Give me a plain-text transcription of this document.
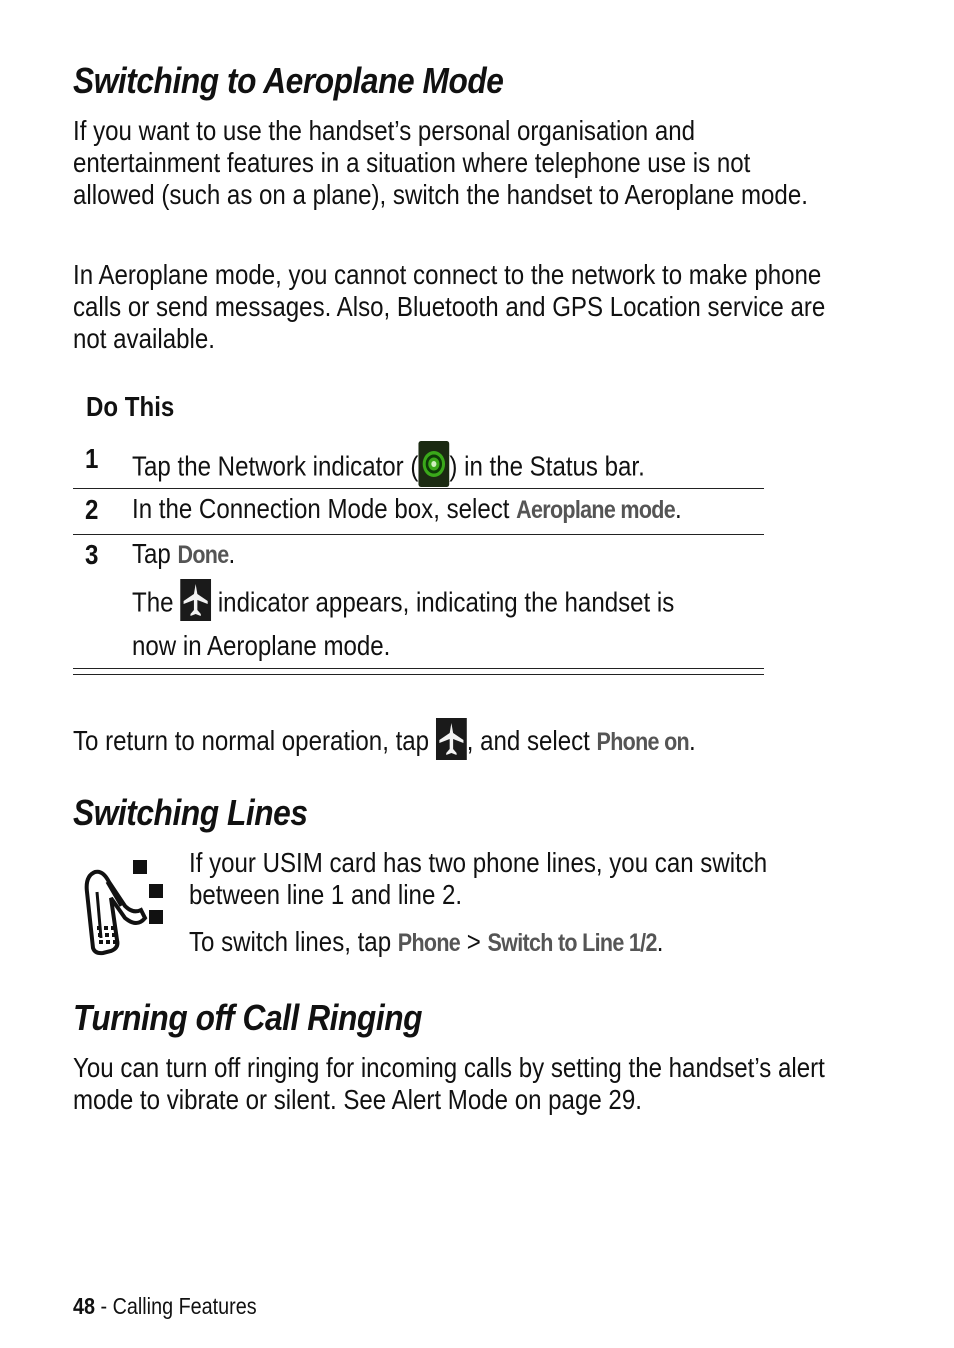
Switching to Aeroplane Mode

If you want to use the handset’s personal organisation and entertainment features in a situation where telephone use is not allowed (such as on a plane), switch the handset to Aeroplane mode.

In Aeroplane mode, you cannot connect to the network to make phone calls or send messages. Also, Bluetooth and GPS Location service are not available.

Do This
1 Tap the Network indicator ( ) in the Status bar.
2 In the Connection Mode box, select Aeroplane mode.
3 Tap Done.
The  indicator appears, indicating the handset is
now in Aeroplane mode.

To return to normal operation, tap , and select Phone on.

Switching Lines

If your USIM card has two phone lines, you can switch
between line 1 and line 2.

To switch lines, tap Phone > Switch to Line 1/2.

Turning off Call Ringing

You can turn off ringing for incoming calls by setting the handset’s alert mode to vibrate or silent. See Alert Mode on page 29.

48 - Calling Features
